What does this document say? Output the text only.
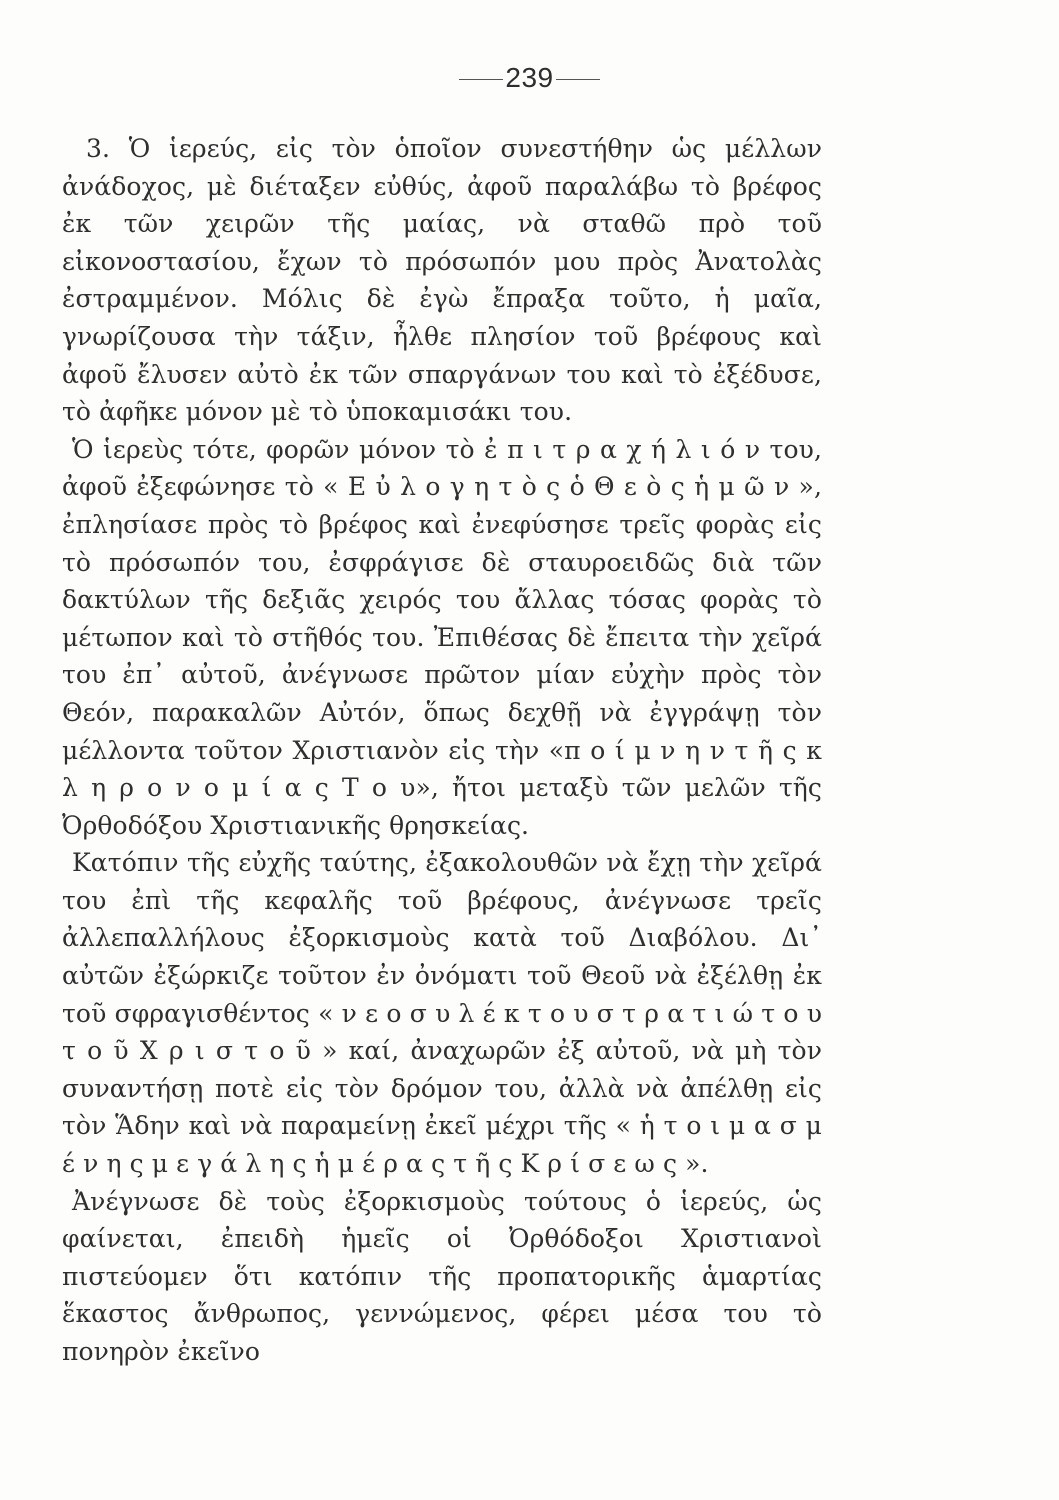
239

3. Ὁ ἱερεύς, εἰς τὸν ὁποῖον συνεστήθην ὡς μέλλων ἀνάδοχος, μὲ διέταξεν εὐθύς, ἀφοῦ παραλάβω τὸ βρέφος ἐκ τῶν χειρῶν τῆς μαίας, νὰ σταθῶ πρὸ τοῦ εἰκονοστασίου, ἔχων τὸ πρόσωπόν μου πρὸς Ἀνατολὰς ἐστραμμένον. Μόλις δὲ ἐγὼ ἔπραξα τοῦτο, ἡ μαῖα, γνωρίζουσα τὴν τάξιν, ἦλθε πλησίον τοῦ βρέφους καὶ ἀφοῦ ἔλυσεν αὐτὸ ἐκ τῶν σπαργάνων του καὶ τὸ ἐξέδυσε, τὸ ἀφῆκε μόνον μὲ τὸ ὑποκαμισάκι του.

Ὁ ἱερεὺς τότε, φορῶν μόνον τὸ ἐ π ι τ ρ α χ ή λ ι ό ν του, ἀφοῦ ἐξεφώνησε τὸ « Ε ὐ λ ο γ η τ ὸ ς ὁ Θ ε ὸ ς ἡ μ ῶ ν », ἐπλησίασε πρὸς τὸ βρέφος καὶ ἐνεφύσησε τρεῖς φορὰς εἰς τὸ πρόσωπόν του, ἐσφράγισε δὲ σταυροειδῶς διὰ τῶν δακτύλων τῆς δεξιᾶς χειρός του ἄλλας τόσας φορὰς τὸ μέτωπον καὶ τὸ στῆθός του. Ἐπιθέσας δὲ ἔπειτα τὴν χεῖρά του ἐπ᾽ αὐτοῦ, ἀνέγνωσε πρῶτον μίαν εὐχὴν πρὸς τὸν Θεόν, παρακαλῶν Αὐτόν, ὅπως δεχθῇ νὰ ἐγγράψῃ τὸν μέλλοντα τοῦτον Χριστιανὸν εἰς τὴν «π ο ί μ ν η ν τ ῆ ς κ λ η ρ ο ν ο μ ί α ς Τ ο υ», ἤτοι μεταξὺ τῶν μελῶν τῆς Ὀρθοδόξου Χριστιανικῆς θρησκείας.

Κατόπιν τῆς εὐχῆς ταύτης, ἐξακολουθῶν νὰ ἔχῃ τὴν χεῖρά του ἐπὶ τῆς κεφαλῆς τοῦ βρέφους, ἀνέγνωσε τρεῖς ἀλλεπαλλήλους ἐξορκισμοὺς κατὰ τοῦ Διαβόλου. Δι᾽ αὐτῶν ἐξώρκιζε τοῦτον ἐν ὀνόματι τοῦ Θεοῦ νὰ ἐξέλθῃ ἐκ τοῦ σφραγισθέντος « ν ε ο σ υ λ έ κ τ ο υ σ τ ρ α τ ι ώ τ ο υ τ ο ῦ Χ ρ ι σ τ ο ῦ » καί, ἀναχωρῶν ἐξ αὐτοῦ, νὰ μὴ τὸν συναντήσῃ ποτὲ εἰς τὸν δρόμον του, ἀλλὰ νὰ ἀπέλθῃ εἰς τὸν Ἅδην καὶ νὰ παραμείνῃ ἐκεῖ μέχρι τῆς « ἡ τ ο ι μ α σ μ έ ν η ς μ ε γ ά λ η ς ἡ μ έ ρ α ς τ ῆ ς Κ ρ ί σ ε ω ς ».

Ἀνέγνωσε δὲ τοὺς ἐξορκισμοὺς τούτους ὁ ἱερεύς, ὡς φαίνεται, ἐπειδὴ ἡμεῖς οἱ Ὀρθόδοξοι Χριστιανοὶ πιστεύομεν ὅτι κατόπιν τῆς προπατορικῆς ἁμαρτίας ἕκαστος ἄνθρωπος, γεννώμενος, φέρει μέσα του τὸ πονηρὸν ἐκεῖνο
